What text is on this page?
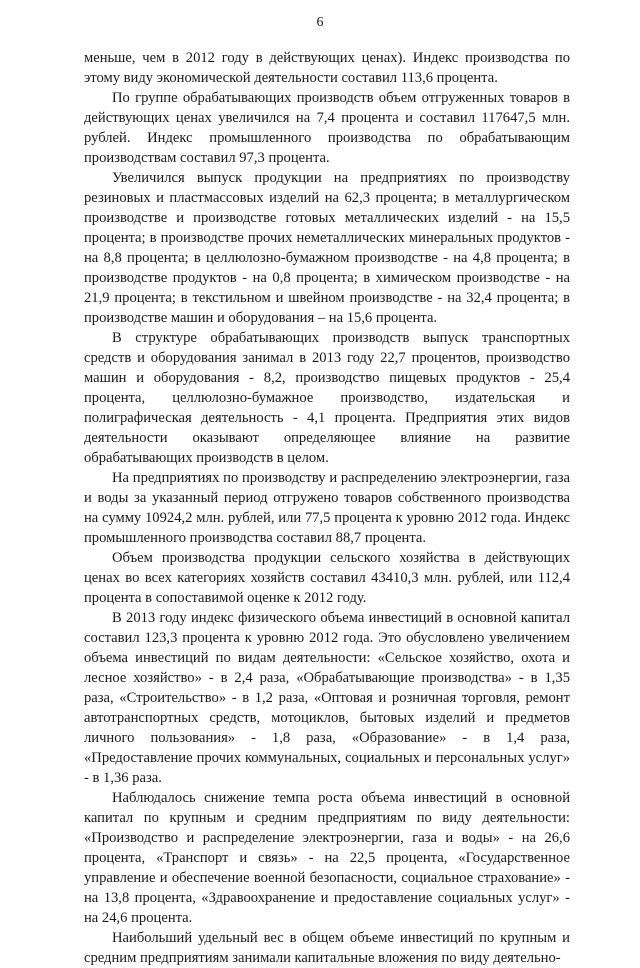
6

меньше, чем в 2012 году в действующих ценах). Индекс производства по этому виду экономической деятельности составил 113,6 процента.

По группе обрабатывающих производств объем отгруженных товаров в действующих ценах увеличился на 7,4 процента и составил 117647,5 млн. рублей. Индекс промышленного производства по обрабатывающим производствам составил 97,3 процента.

Увеличился выпуск продукции на предприятиях по производству резиновых и пластмассовых изделий на 62,3 процента; в металлургическом производстве и производстве готовых металлических изделий - на 15,5 процента; в производстве прочих неметаллических минеральных продуктов - на 8,8 процента; в целлюлозно-бумажном производстве - на 4,8 процента; в производстве продуктов - на 0,8 процента; в химическом производстве - на 21,9 процента; в текстильном и швейном производстве - на 32,4 процента; в производстве машин и оборудования – на 15,6 процента.

В структуре обрабатывающих производств выпуск транспортных средств и оборудования занимал в 2013 году 22,7 процентов, производство машин и оборудования - 8,2, производство пищевых продуктов - 25,4 процента, целлюлозно-бумажное производство, издательская и полиграфическая деятельность - 4,1 процента. Предприятия этих видов деятельности оказывают определяющее влияние на развитие обрабатывающих производств в целом.

На предприятиях по производству и распределению электроэнергии, газа и воды за указанный период отгружено товаров собственного производства на сумму 10924,2 млн. рублей, или 77,5 процента к уровню 2012 года. Индекс промышленного производства составил 88,7 процента.

Объем производства продукции сельского хозяйства в действующих ценах во всех категориях хозяйств составил 43410,3 млн. рублей, или 112,4 процента в сопоставимой оценке к 2012 году.

В 2013 году индекс физического объема инвестиций в основной капитал составил 123,3 процента к уровню 2012 года. Это обусловлено увеличением объема инвестиций по видам деятельности: «Сельское хозяйство, охота и лесное хозяйство» - в 2,4 раза, «Обрабатывающие производства» - в 1,35 раза, «Строительство» - в 1,2 раза, «Оптовая и розничная торговля, ремонт автотранспортных средств, мотоциклов, бытовых изделий и предметов личного пользования» - 1,8 раза, «Образование» - в 1,4 раза, «Предоставление прочих коммунальных, социальных и персональных услуг» - в 1,36 раза.

Наблюдалось снижение темпа роста объема инвестиций в основной капитал по крупным и средним предприятиям по виду деятельности: «Производство и распределение электроэнергии, газа и воды» - на 26,6 процента, «Транспорт и связь» - на 22,5 процента, «Государственное управление и обеспечение военной безопасности, социальное страхование» - на 13,8 процента, «Здравоохранение и предоставление социальных услуг» - на 24,6 процента.

Наибольший удельный вес в общем объеме инвестиций по крупным и средним предприятиям занимали капитальные вложения по виду деятельно-
